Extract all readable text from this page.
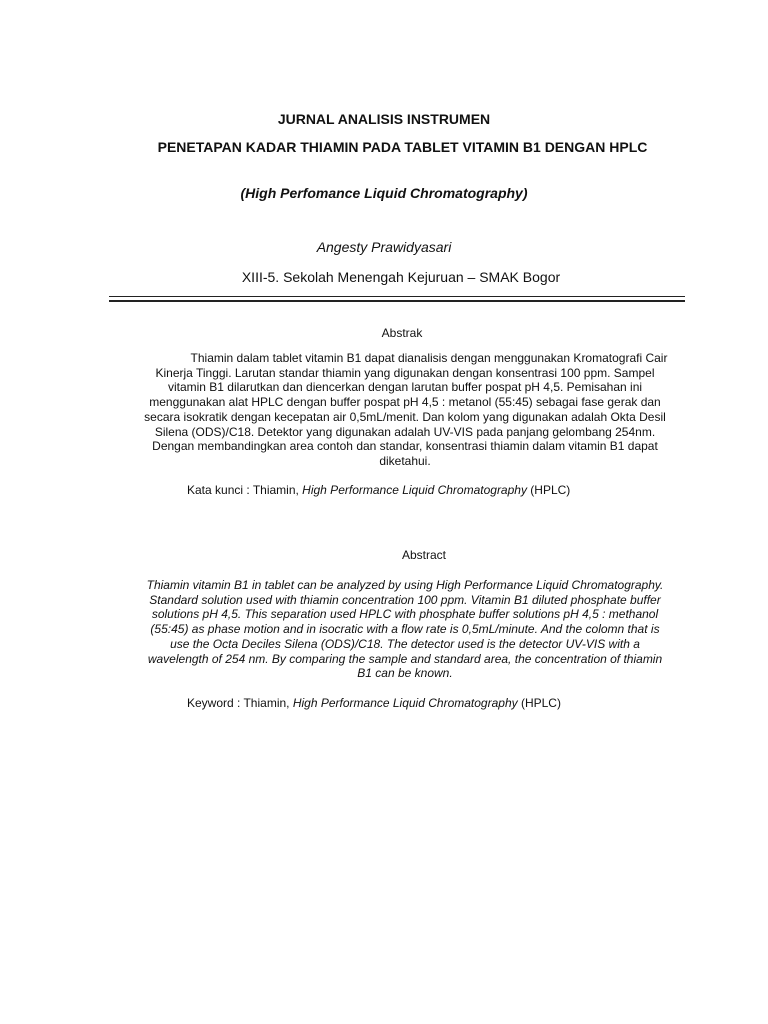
JURNAL ANALISIS INSTRUMEN
PENETAPAN KADAR THIAMIN PADA TABLET VITAMIN B1 DENGAN HPLC
(High Perfomance Liquid Chromatography)
Angesty Prawidyasari
XIII-5. Sekolah Menengah Kejuruan – SMAK Bogor
Abstrak
Thiamin dalam tablet vitamin B1 dapat dianalisis dengan menggunakan Kromatografi Cair Kinerja Tinggi. Larutan standar thiamin yang digunakan dengan konsentrasi 100 ppm. Sampel vitamin B1 dilarutkan dan diencerkan dengan larutan buffer pospat pH 4,5. Pemisahan ini menggunakan alat HPLC dengan buffer pospat pH 4,5 : metanol (55:45) sebagai fase gerak dan secara isokratik dengan kecepatan air 0,5mL/menit. Dan kolom yang digunakan adalah Okta Desil Silena (ODS)/C18. Detektor yang digunakan adalah UV-VIS pada panjang gelombang 254nm. Dengan membandingkan area contoh dan standar, konsentrasi thiamin dalam vitamin B1 dapat diketahui.
Kata kunci : Thiamin, High Performance Liquid Chromatography (HPLC)
Abstract
Thiamin vitamin B1 in tablet can be analyzed by using High Performance Liquid Chromatography. Standard solution used with thiamin concentration 100 ppm. Vitamin B1 diluted phosphate buffer solutions pH 4,5. This separation used HPLC with phosphate buffer solutions pH 4,5 : methanol (55:45) as phase motion and in isocratic with a flow rate is 0,5mL/minute. And the colomn that is use the Octa Deciles Silena (ODS)/C18. The detector used is the detector UV-VIS with a wavelength of 254 nm. By comparing the sample and standard area, the concentration of thiamin B1 can be known.
Keyword : Thiamin, High Performance Liquid Chromatography (HPLC)
